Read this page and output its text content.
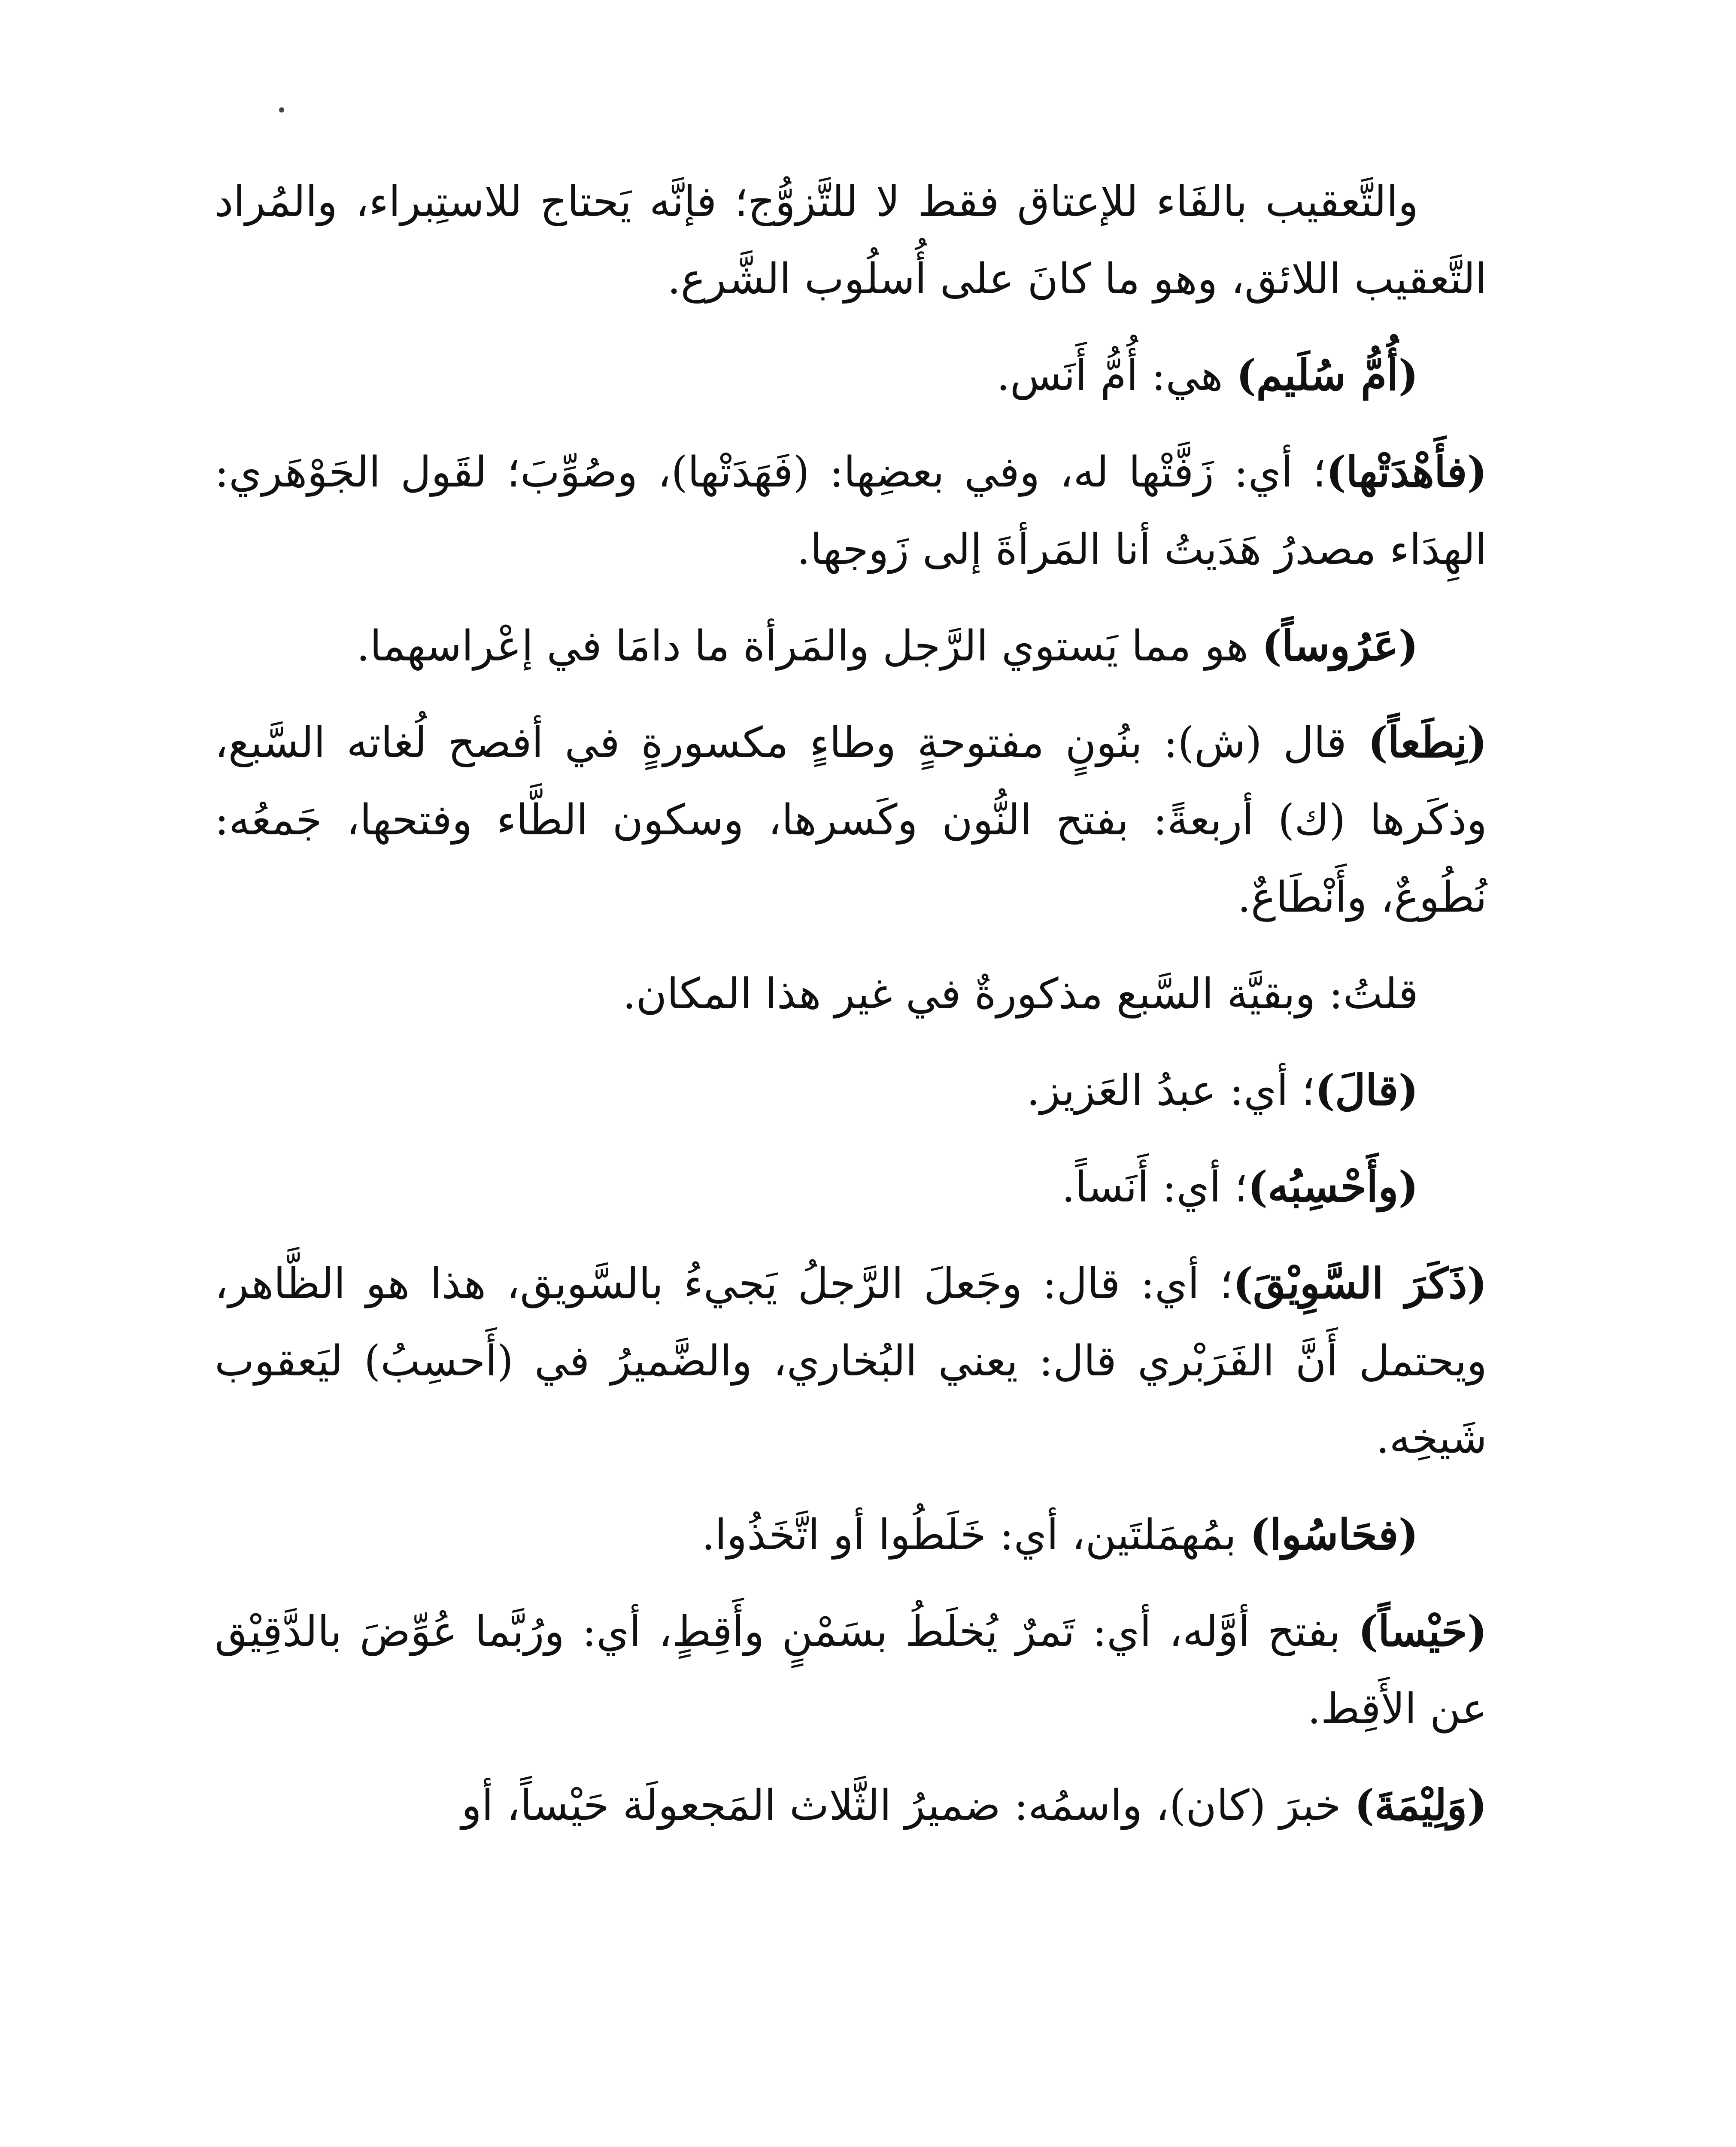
والتَّعقيب بالفَاء للإعتاق فقط لا للتَّزوُّج؛ فإنَّه يَحتاج للاستِبراء، والمُراد التَّعقيب اللائق، وهو ما كانَ على أُسلُوب الشَّرع.

(أُمُّ سُلَيم) هي: أُمُّ أَنَس.

(فأَهْدَتْها)؛ أي: زَفَّتْها له، وفي بعضِها: (فَهَدَتْها)، وصُوِّبَ؛ لقَول الجَوْهَري: الهِدَاء مصدرُ هَدَيتُ أنا المَرأةَ إلى زَوجها.

(عَرُوساً) هو مما يَستوي الرَّجل والمَرأة ما دامَا في إعْراسهما.

(نِطَعاً) قال (ش): بنُونٍ مفتوحةٍ وطاءٍ مكسورةٍ في أفصح لُغاته السَّبع، وذكَرها (ك) أربعةً: بفتح النُّون وكَسرها، وسكون الطَّاء وفتحها، جَمعُه: نُطُوعٌ، وأَنْطَاعٌ.

قلتُ: وبقيَّة السَّبع مذكورةٌ في غير هذا المكان.

(قالَ)؛ أي: عبدُ العَزيز.

(وأَحْسِبُه)؛ أي: أَنَساً.

(ذَكَرَ السَّوِيْقَ)؛ أي: قال: وجَعلَ الرَّجلُ يَجيءُ بالسَّويق، هذا هو الظَّاهر، ويحتمل أَنَّ الفَرَبْري قال: يعني البُخاري، والضَّميرُ في (أَحسِبُ) ليَعقوب شَيخِه.

(فحَاسُوا) بمُهمَلتَين، أي: خَلَطُوا أو اتَّخَذُوا.

(حَيْساً) بفتح أوَّله، أي: تَمرٌ يُخلَطُ بسَمْنٍ وأَقِطٍ، أي: ورُبَّما عُوِّضَ بالدَّقِيْق عن الأَقِط.

(وَلِيْمَةَ) خبرَ (كان)، واسمُه: ضميرُ الثَّلاث المَجعولَة حَيْساً، أو
